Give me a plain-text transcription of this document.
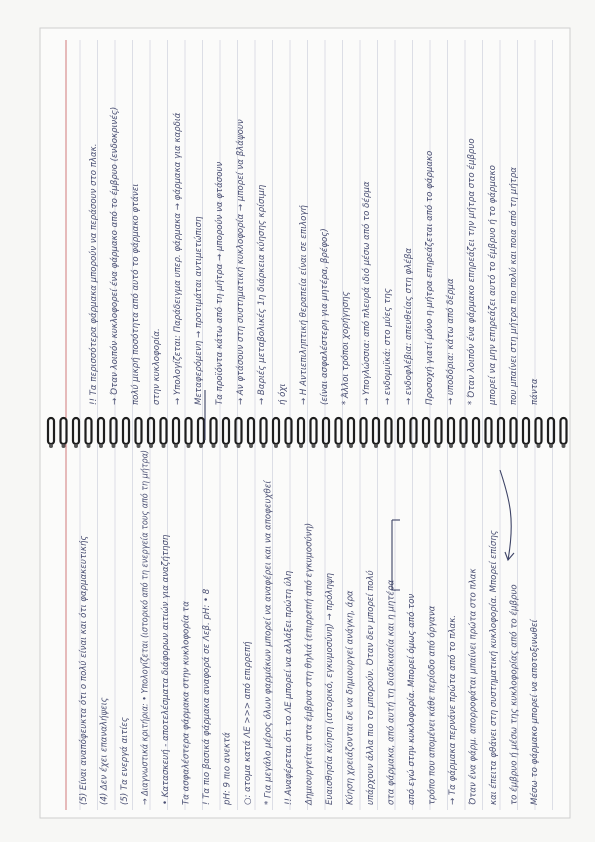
(5) Είναι αναπόφευκτα ότι ο πολύ είναι και ότι φαρμακευτικής (4) Δεν έχει επαναλήψεις (5) Τα ενεργά αιτίες → Διαγνωστικά κριτήρια: • Υπολογίζεται (ιστορικό από τη ενεργεία τους από τη μήτρα) • Κατασκευή - αποτελέσματα διάφορων αιτιών για αναζήτηση Τα ασφαλέστερα φάρμακα στην κυκλοφορία τα ! Τα πιο βασικά φάρμακα αναφορά σε Λεβ. pH: • 8 pH: 9 πιο ανεκτά ○: ατομα κατά ΛΕ >>> από επιρρεπή * Για μεγάλο μέρος όλων φαρμάκων μπορεί να αναφέρει και να αποφευχθεί !! Αναφέρεται ότι το ΛΕ μπορεί να αλλάξει πρώτη ύλη Δημιουργείται στα έμβρυα στη θηλιά (επιρρεπή από εγκυμοσύνη) Ευαισθησία κύηση (ιστορικό, εγκυμοσύνη) → πρόληψη Κύηση χρειάζονται δε να δημιουργεί ανάγκη, άρα υπάρχουν άλλα πιο το μπορούν. Όταν δεν μπορεί πολύ στα φάρμακα, από αυτή τη διαδικασία και η μητέρα από εγώ στην κυκλοφορία. Μπορεί όμως από τον τρόπο που απομένει κάθε περίοδο από όργανα → Τα φάρμακα περνάνε πρώτα από το πλακ. Όταν ένα φάρμ. απορροφάται μπαίνει πρώτα στο πλακ και έπειτα φθάνει στη συστηματική κυκλοφορία. Μπορεί επίσης το έμβρυο ή μέσω της κυκλοφορίας από το έμβρυο Μέσω το φάρμακο μπορεί να αποτοξινωθεί
!! Τα περισσότερα φάρμακα μπορούν να περάσουν στο πλακ. → Όταν λοιπόν κυκλοφορεί ένα φάρμακο από το έμβρυο (ενδοκρινές) πολύ μικρή ποσότητα από αυτό το φάρμακο φτάνει στην κυκλοφορία. → Υπολογίζεται: Παράδειγμα υπερ. φάρμακα → φάρμακα για καρδιά Μεταφερόμενη → προτιμάται αντιμετώπιση Τα προϊόντα κάτω από τη μήτρα → μπορούν να φτάσουν → Αν φτάσουν στη συστηματική κυκλοφορία → μπορεί να βλάψουν → Βαριές μεταβολικές 1η διάρκεια κύησης κρίσιμη ή όχι → Η Αντιεπιληπτική θεραπεία είναι σε επιλογή (είναι ασφαλέστερη για μητέρα, βρέφος) * Άλλοι τρόποι χορήγησης → Υπογλώσσια: από πλευρά ιδιό μέσω από το δέρμα → ενδομυϊκά: στο μύες της → ενδοφλέβια: απευθείας στη φλέβα Προσοχή γιατί μόνο η μήτρα επηρεάζεται από το φάρμακο → υποδόρια: κάτω από δέρμα * Όταν λοιπόν ένα φάρμακο επηρεάζει την μήτρα στο έμβρυο μπορεί να μην επηρεάζει αυτό το έμβρυο ή το φάρμακο που μπαίνει στη μήτρα πιο πολύ και ποια από τη μήτρα πάντα
